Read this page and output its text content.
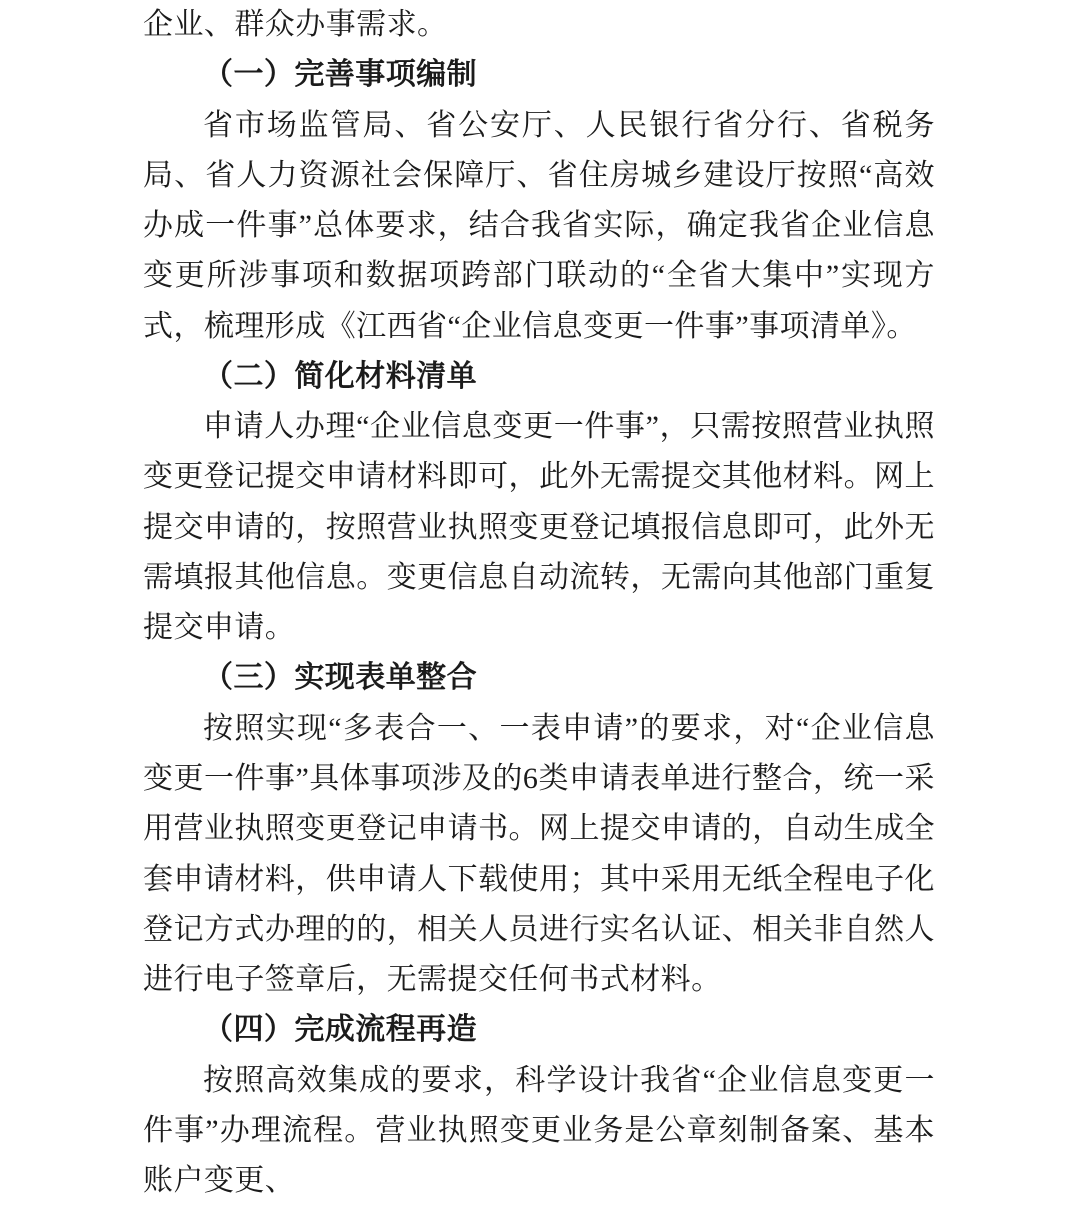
企业、群众办事需求。

（一）完善事项编制

省市场监管局、省公安厅、人民银行省分行、省税务局、省人力资源社会保障厅、省住房城乡建设厅按照“高效办成一件事”总体要求，结合我省实际，确定我省企业信息变更所涉事项和数据项跨部门联动的“全省大集中”实现方式，梳理形成《江西省“企业信息变更一件事”事项清单》。

（二）简化材料清单

申请人办理“企业信息变更一件事”，只需按照营业执照变更登记提交申请材料即可，此外无需提交其他材料。网上提交申请的，按照营业执照变更登记填报信息即可，此外无需填报其他信息。变更信息自动流转，无需向其他部门重复提交申请。

（三）实现表单整合

按照实现“多表合一、一表申请”的要求，对“企业信息变更一件事”具体事项涉及的6类申请表单进行整合，统一采用营业执照变更登记申请书。网上提交申请的，自动生成全套申请材料，供申请人下载使用；其中采用无纸全程电子化登记方式办理的的，相关人员进行实名认证、相关非自然人进行电子签章后，无需提交任何书式材料。

（四）完成流程再造

按照高效集成的要求，科学设计我省“企业信息变更一件事”办理流程。营业执照变更业务是公章刻制备案、基本账户变更、
